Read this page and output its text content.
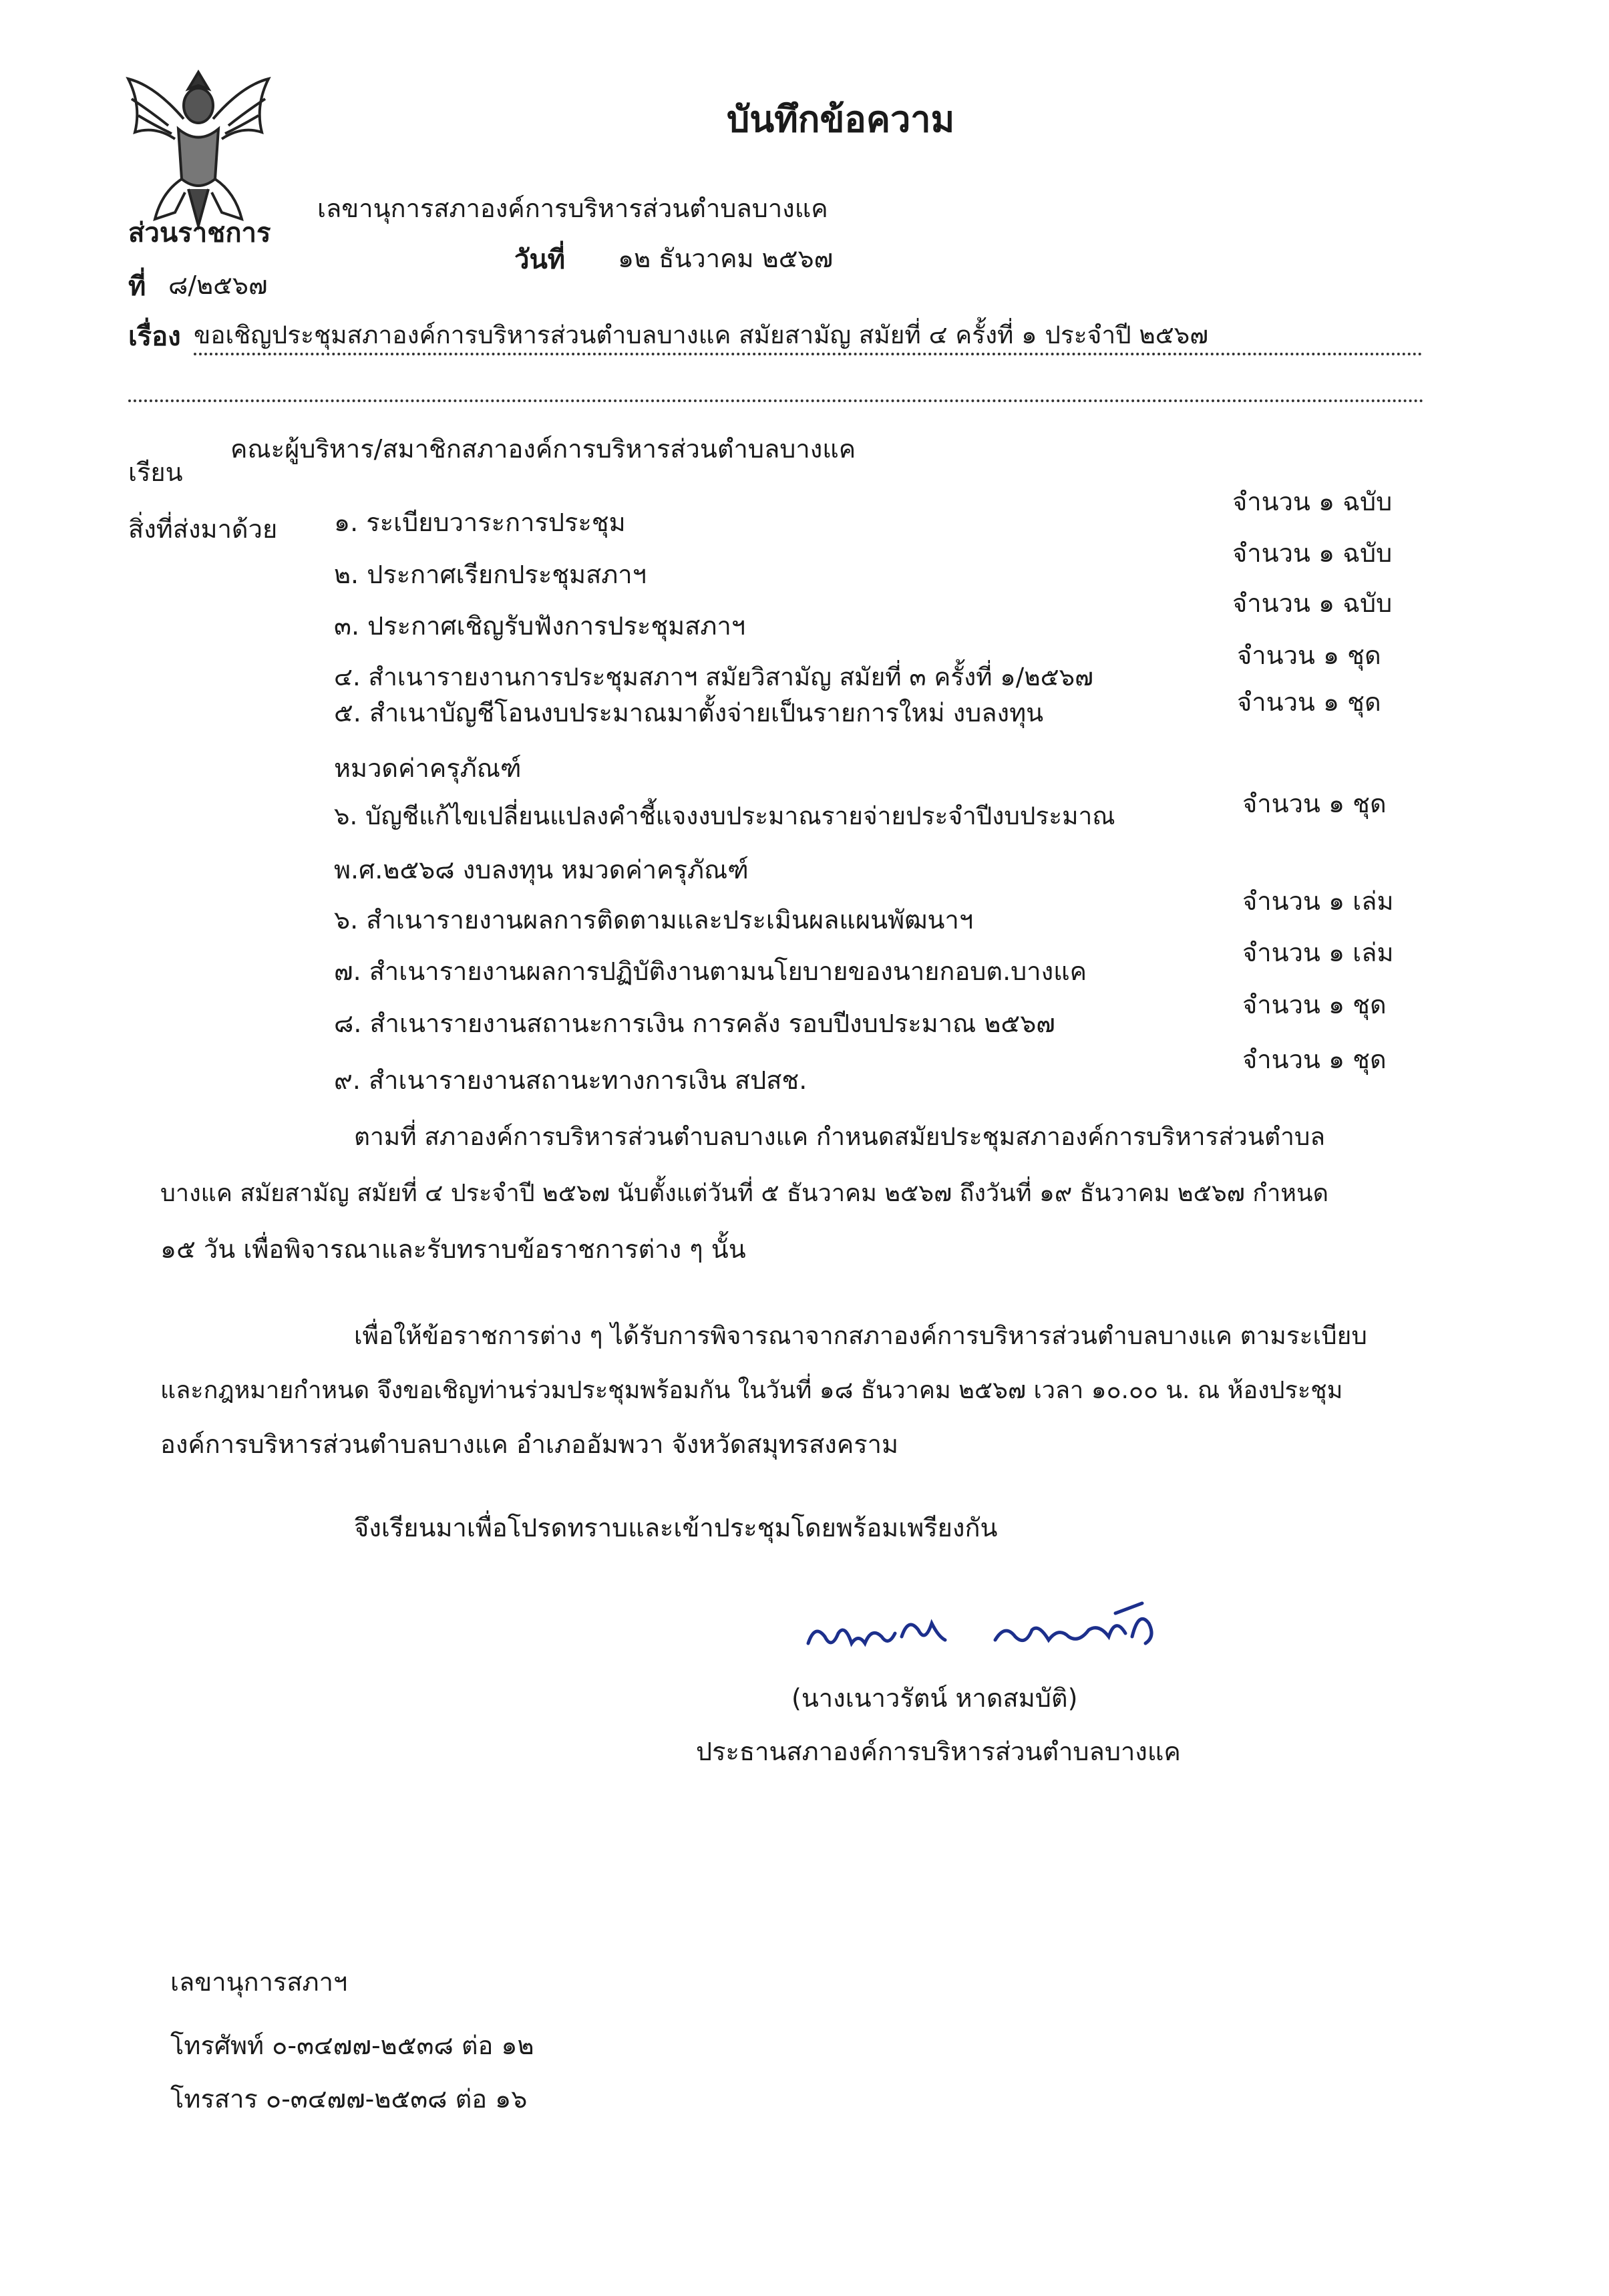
บันทึกข้อความ
ส่วนราชการ
เลขานุการสภาองค์การบริหารส่วนตำบลบางแค
ที่ ๘/๒๕๖๗
วันที่ ๑๒ ธันวาคม ๒๕๖๗
เรื่อง ขอเชิญประชุมสภาองค์การบริหารส่วนตำบลบางแค สมัยสามัญ สมัยที่ ๔ ครั้งที่ ๑ ประจำปี ๒๕๖๗
เรียน
คณะผู้บริหาร/สมาชิกสภาองค์การบริหารส่วนตำบลบางแค
สิ่งที่ส่งมาด้วย ๑. ระเบียบวาระการประชุม
จำนวน ๑ ฉบับ
๒. ประกาศเรียกประชุมสภาฯ
จำนวน ๑ ฉบับ
๓. ประกาศเชิญรับฟังการประชุมสภาฯ
จำนวน ๑ ฉบับ
๔. สำเนารายงานการประชุมสภาฯ สมัยวิสามัญ สมัยที่ ๓ ครั้งที่ ๑/๒๕๖๗
จำนวน ๑ ชุด
๕. สำเนาบัญชีโอนงบประมาณมาตั้งจ่ายเป็นรายการใหม่ งบลงทุน
หมวดค่าครุภัณฑ์
จำนวน ๑ ชุด
๖. บัญชีแก้ไขเปลี่ยนแปลงคำชี้แจงงบประมาณรายจ่ายประจำปีงบประมาณ
พ.ศ.๒๕๖๘ งบลงทุน หมวดค่าครุภัณฑ์
จำนวน ๑ ชุด
๖. สำเนารายงานผลการติดตามและประเมินผลแผนพัฒนาฯ
จำนวน ๑ เล่ม
๗. สำเนารายงานผลการปฏิบัติงานตามนโยบายของนายกอบต.บางแค
จำนวน ๑ เล่ม
๘. สำเนารายงานสถานะการเงิน การคลัง รอบปีงบประมาณ ๒๕๖๗
จำนวน ๑ ชุด
๙. สำเนารายงานสถานะทางการเงิน สปสช.
จำนวน ๑ ชุด
ตามที่ สภาองค์การบริหารส่วนตำบลบางแค กำหนดสมัยประชุมสภาองค์การบริหารส่วนตำบล
บางแค สมัยสามัญ สมัยที่ ๔ ประจำปี ๒๕๖๗ นับตั้งแต่วันที่ ๕ ธันวาคม ๒๕๖๗ ถึงวันที่ ๑๙ ธันวาคม ๒๕๖๗ กำหนด
๑๕ วัน เพื่อพิจารณาและรับทราบข้อราชการต่าง ๆ นั้น
เพื่อให้ข้อราชการต่าง ๆ ได้รับการพิจารณาจากสภาองค์การบริหารส่วนตำบลบางแค ตามระเบียบ
และกฎหมายกำหนด จึงขอเชิญท่านร่วมประชุมพร้อมกัน ในวันที่ ๑๘ ธันวาคม ๒๕๖๗ เวลา ๑๐.๐๐ น. ณ ห้องประชุม
องค์การบริหารส่วนตำบลบางแค อำเภออัมพวา จังหวัดสมุทรสงคราม
จึงเรียนมาเพื่อโปรดทราบและเข้าประชุมโดยพร้อมเพรียงกัน
(นางเนาวรัตน์ หาดสมบัติ)
ประธานสภาองค์การบริหารส่วนตำบลบางแค
เลขานุการสภาฯ
โทรศัพท์ ๐-๓๔๗๗-๒๕๓๘ ต่อ ๑๒
โทรสาร ๐-๓๔๗๗-๒๕๓๘ ต่อ ๑๖
